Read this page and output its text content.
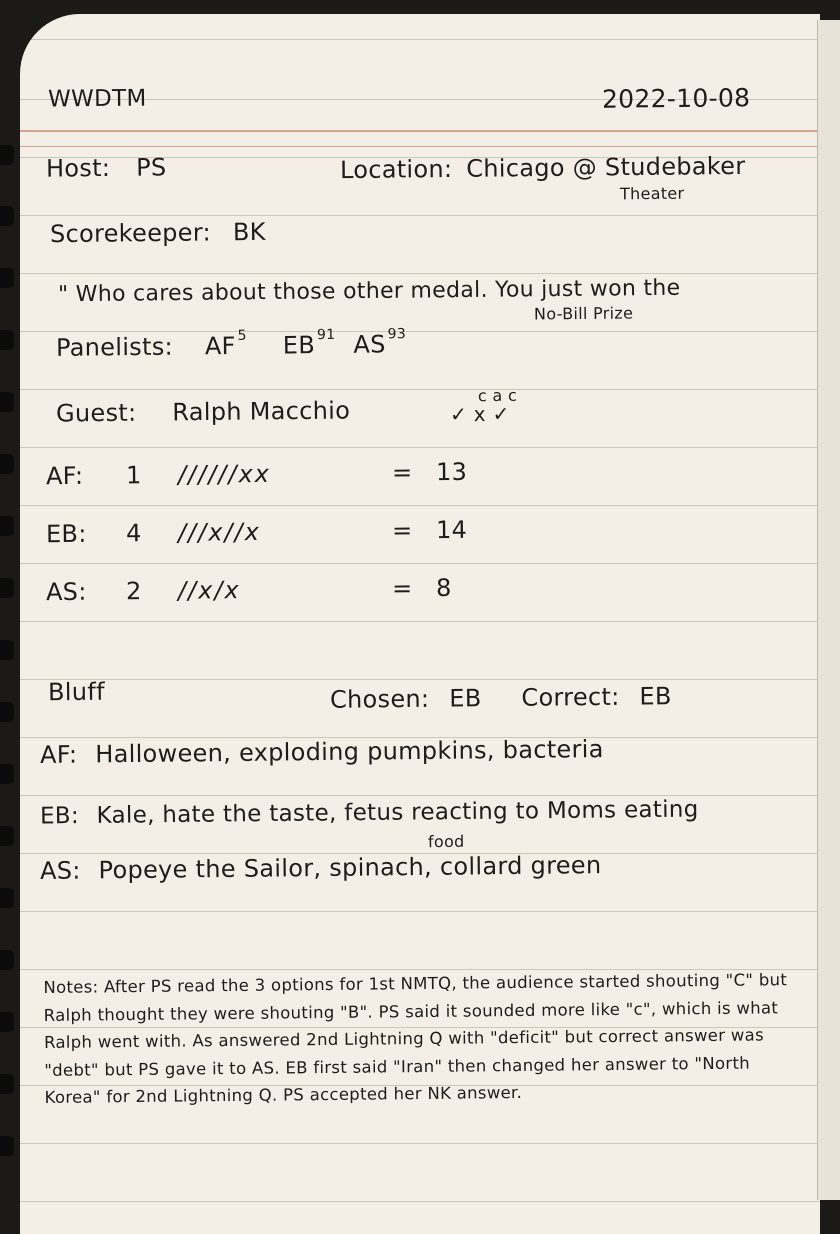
WWDTM	2022-10-08
Host: PS	Location: Chicago @ Studebaker
Theater
Scorekeeper: BK
" Who cares about those other medal. You just won the
No-Bill Prize
Panelists: AF $^5$ EB $^{91}$ AS $^{93}$
Guest: Ralph Macchio
c a c
✓ x ✓
AF: 1 //////xx	= 13
EB: 4 ///x//x	= 14
AS: 2 //x/x	= 8
Bluff	Chosen: EB Correct: EB
AF: Halloween, exploding pumpkins, bacteria
EB: Kale, hate the taste, fetus reacting to Moms eating
food
AS: Popeye the Sailor, spinach, collard green
Notes: After PS read the 3 options for 1st NMTQ, the audience started shouting "C" but Ralph thought they were shouting "B". PS said it sounded more like "c", which is what Ralph went with. As answered 2nd Lightning Q with "deficit" but correct answer was "debt" but PS gave it to AS. EB first said "Iran" then changed her answer to "North Korea" for 2nd Lightning Q. PS accepted her NK answer.
